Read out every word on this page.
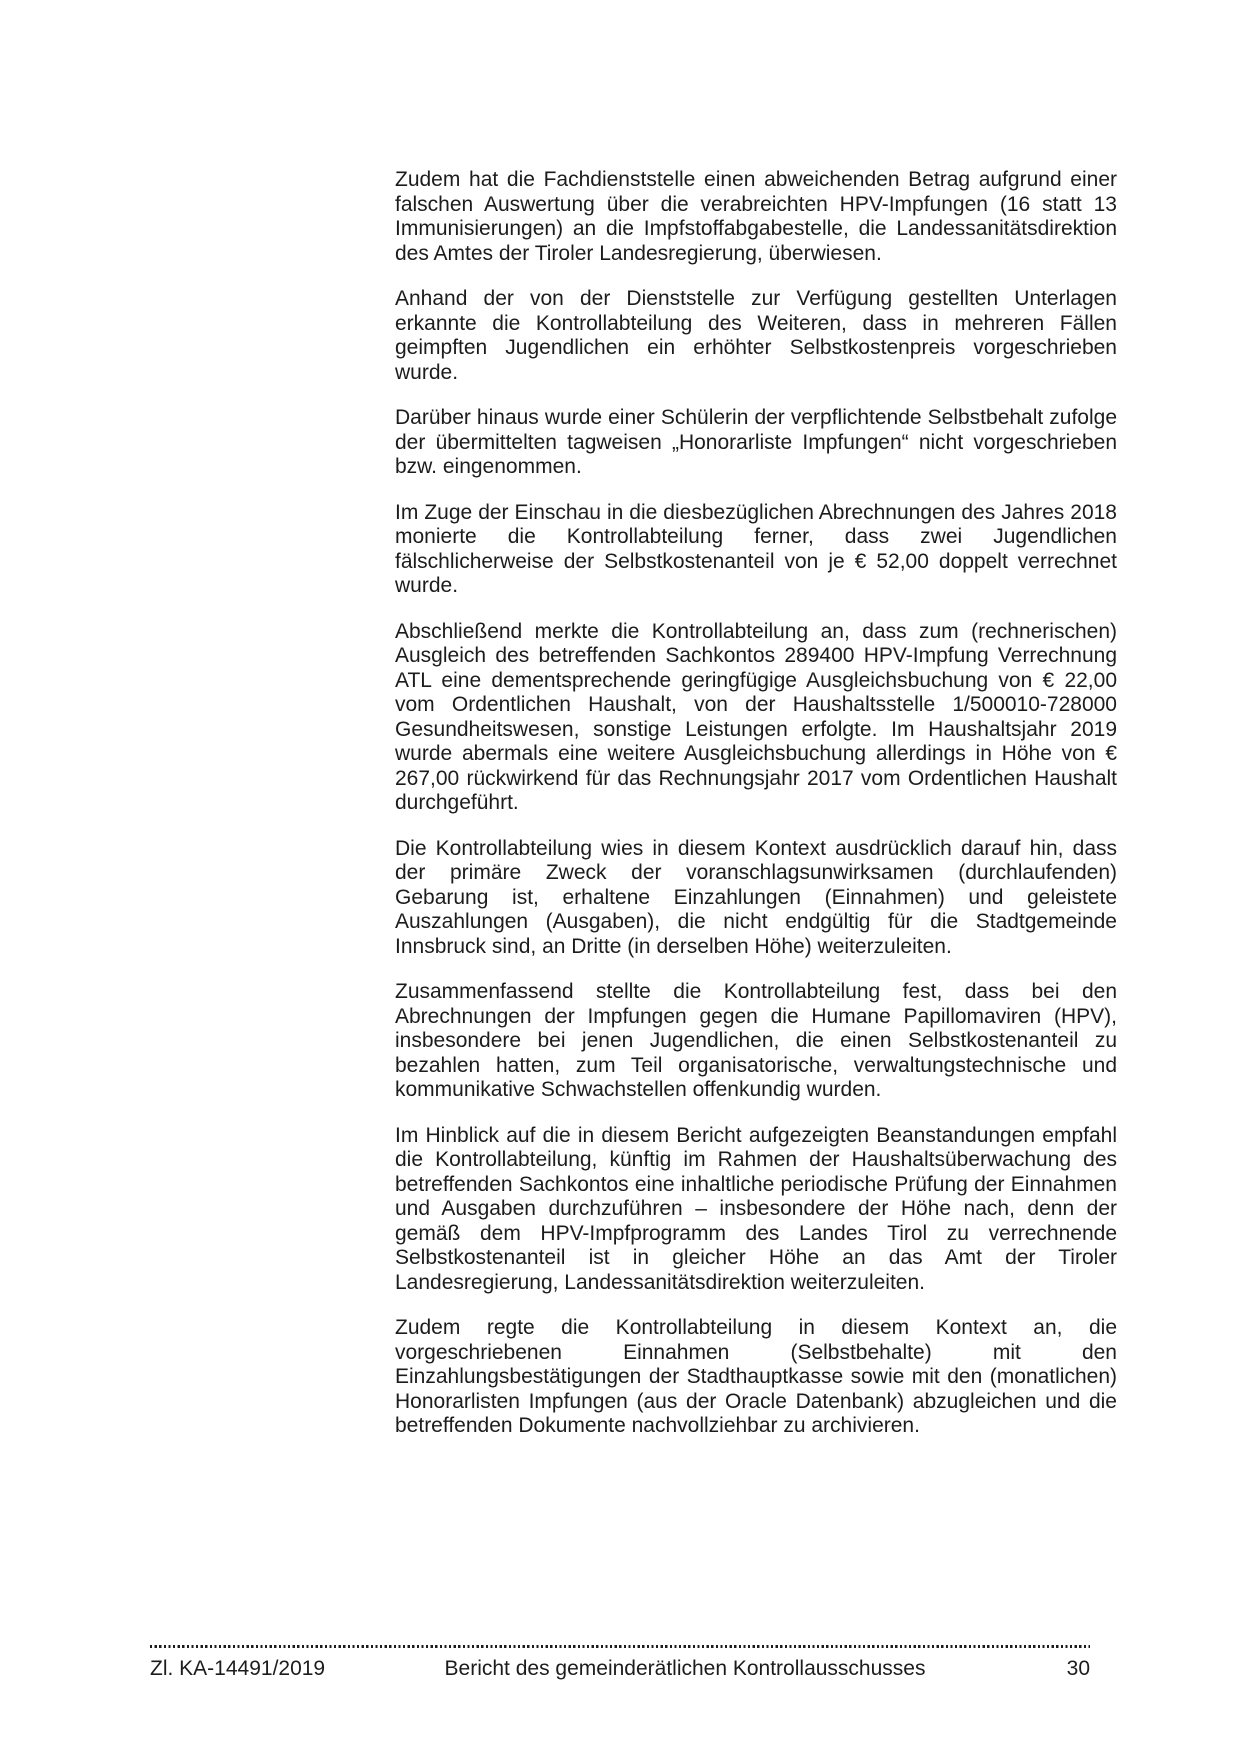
Zudem hat die Fachdienststelle einen abweichenden Betrag aufgrund einer falschen Auswertung über die verabreichten HPV-Impfungen (16 statt 13 Immunisierungen) an die Impfstoffabgabestelle, die Landessanitätsdirektion des Amtes der Tiroler Landesregierung, überwiesen.

Anhand der von der Dienststelle zur Verfügung gestellten Unterlagen erkannte die Kontrollabteilung des Weiteren, dass in mehreren Fällen geimpften Jugendlichen ein erhöhter Selbstkostenpreis vorgeschrieben wurde.

Darüber hinaus wurde einer Schülerin der verpflichtende Selbstbehalt zufolge der übermittelten tagweisen „Honorarliste Impfungen“ nicht vorgeschrieben bzw. eingenommen.

Im Zuge der Einschau in die diesbezüglichen Abrechnungen des Jahres 2018 monierte die Kontrollabteilung ferner, dass zwei Jugendlichen fälschlicherweise der Selbstkostenanteil von je € 52,00 doppelt verrechnet wurde.

Abschließend merkte die Kontrollabteilung an, dass zum (rechnerischen) Ausgleich des betreffenden Sachkontos 289400 HPV-Impfung Verrechnung ATL eine dementsprechende geringfügige Ausgleichsbuchung von € 22,00 vom Ordentlichen Haushalt, von der Haushaltsstelle 1/500010-728000 Gesundheitswesen, sonstige Leistungen erfolgte. Im Haushaltsjahr 2019 wurde abermals eine weitere Ausgleichsbuchung allerdings in Höhe von € 267,00 rückwirkend für das Rechnungsjahr 2017 vom Ordentlichen Haushalt durchgeführt.

Die Kontrollabteilung wies in diesem Kontext ausdrücklich darauf hin, dass der primäre Zweck der voranschlagsunwirksamen (durchlaufenden) Gebarung ist, erhaltene Einzahlungen (Einnahmen) und geleistete Auszahlungen (Ausgaben), die nicht endgültig für die Stadtgemeinde Innsbruck sind, an Dritte (in derselben Höhe) weiterzuleiten.

Zusammenfassend stellte die Kontrollabteilung fest, dass bei den Abrechnungen der Impfungen gegen die Humane Papillomaviren (HPV), insbesondere bei jenen Jugendlichen, die einen Selbstkostenanteil zu bezahlen hatten, zum Teil organisatorische, verwaltungstechnische und kommunikative Schwachstellen offenkundig wurden.

Im Hinblick auf die in diesem Bericht aufgezeigten Beanstandungen empfahl die Kontrollabteilung, künftig im Rahmen der Haushaltsüberwachung des betreffenden Sachkontos eine inhaltliche periodische Prüfung der Einnahmen und Ausgaben durchzuführen – insbesondere der Höhe nach, denn der gemäß dem HPV-Impfprogramm des Landes Tirol zu verrechnende Selbstkostenanteil ist in gleicher Höhe an das Amt der Tiroler Landesregierung, Landessanitätsdirektion weiterzuleiten.

Zudem regte die Kontrollabteilung in diesem Kontext an, die vorgeschriebenen Einnahmen (Selbstbehalte) mit den Einzahlungsbestätigungen der Stadthauptkasse sowie mit den (monatlichen) Honorarlisten Impfungen (aus der Oracle Datenbank) abzugleichen und die betreffenden Dokumente nachvollziehbar zu archivieren.

Zl. KA-14491/2019	Bericht des gemeinderätlichen Kontrollausschusses	30
